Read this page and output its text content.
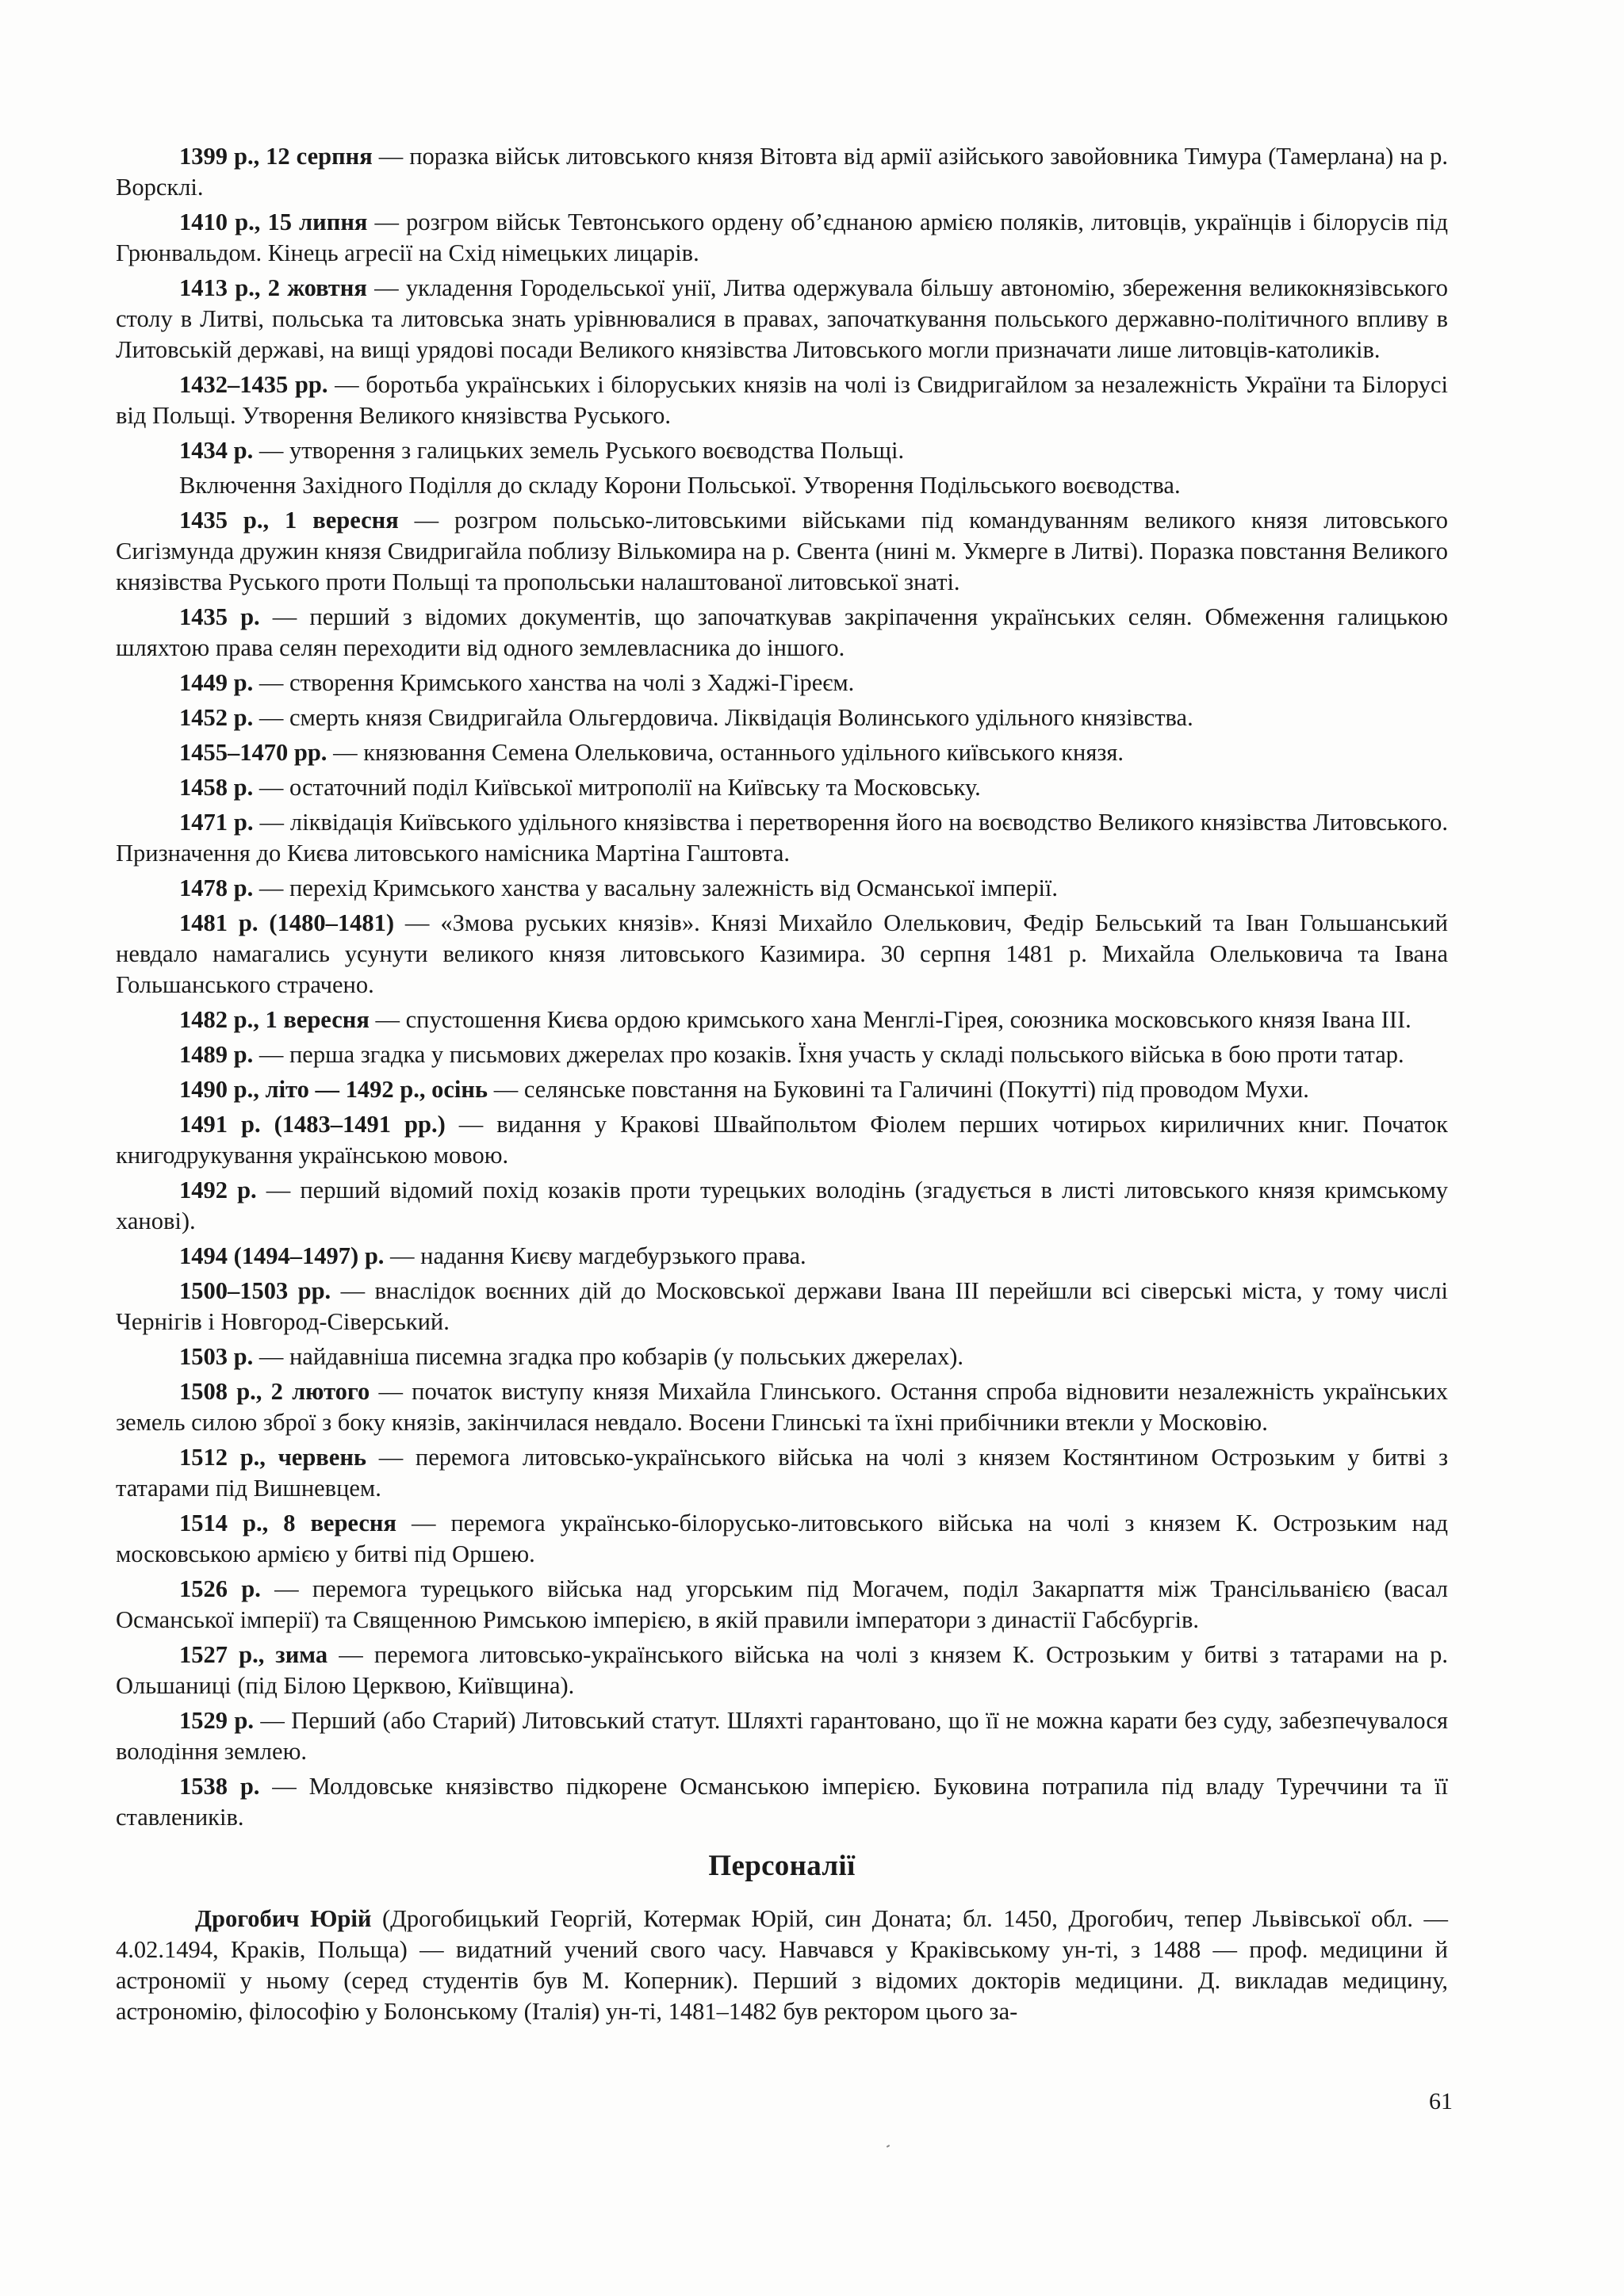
1399 р., 12 серпня — поразка військ литовського князя Вітовта від армії азійського завойовника Тимура (Тамерлана) на р. Ворсклі.

1410 р., 15 липня — розгром військ Тевтонського ордену об’єднаною армією поляків, литовців, українців і білорусів під Грюнвальдом. Кінець агресії на Схід німецьких лицарів.

1413 р., 2 жовтня — укладення Городельської унії, Литва одержувала більшу автономію, збереження великокнязівського столу в Литві, польська та литовська знать урівнювалися в правах, започаткування польського державно-політичного впливу в Литовській державі, на вищі урядові посади Великого князівства Литовського могли призначати лише литовців-католиків.

1432–1435 рр. — боротьба українських і білоруських князів на чолі із Свидригайлом за незалежність України та Білорусі від Польщі. Утворення Великого князівства Руського.

1434 р. — утворення з галицьких земель Руського воєводства Польщі.

Включення Західного Поділля до складу Корони Польської. Утворення Подільського воєводства.

1435 р., 1 вересня — розгром польсько-литовськими військами під командуванням великого князя литовського Сигізмунда дружин князя Свидригайла поблизу Вількомира на р. Свента (нині м. Укмерге в Литві). Поразка повстання Великого князівства Руського проти Польщі та пропольськи налаштованої литовської знаті.

1435 р. — перший з відомих документів, що започаткував закріпачення українських селян. Обмеження галицькою шляхтою права селян переходити від одного землевласника до іншого.

1449 р. — створення Кримського ханства на чолі з Хаджі-Гіреєм.

1452 р. — смерть князя Свидригайла Ольгердовича. Ліквідація Волинського удільного князівства.

1455–1470 рр. — князювання Семена Олельковича, останнього удільного київського князя.

1458 р. — остаточний поділ Київської митрополії на Київську та Московську.

1471 р. — ліквідація Київського удільного князівства і перетворення його на воєводство Великого князівства Литовського. Призначення до Києва литовського намісника Мартіна Гаштовта.

1478 р. — перехід Кримського ханства у васальну залежність від Османської імперії.

1481 р. (1480–1481) — «Змова руських князів». Князі Михайло Олелькович, Федір Бельський та Іван Гольшанський невдало намагались усунути великого князя литовського Казимира. 30 серпня 1481 р. Михайла Олельковича та Івана Гольшанського страчено.

1482 р., 1 вересня — спустошення Києва ордою кримського хана Менглі-Гірея, союзника московського князя Івана III.

1489 р. — перша згадка у письмових джерелах про козаків. Їхня участь у складі польського війська в бою проти татар.

1490 р., літо — 1492 р., осінь — селянське повстання на Буковині та Галичині (Покутті) під проводом Мухи.

1491 р. (1483–1491 рр.) — видання у Кракові Швайпольтом Фіолем перших чотирьох кириличних книг. Початок книгодрукування українською мовою.

1492 р. — перший відомий похід козаків проти турецьких володінь (згадується в листі литовського князя кримському ханові).

1494 (1494–1497) р. — надання Києву магдебурзького права.

1500–1503 рр. — внаслідок воєнних дій до Московської держави Івана III перейшли всі сіверські міста, у тому числі Чернігів і Новгород-Сіверський.

1503 р. — найдавніша писемна згадка про кобзарів (у польських джерелах).

1508 р., 2 лютого — початок виступу князя Михайла Глинського. Остання спроба відновити незалежність українських земель силою зброї з боку князів, закінчилася невдало. Восени Глинські та їхні прибічники втекли у Московію.

1512 р., червень — перемога литовсько-українського війська на чолі з князем Костянтином Острозьким у битві з татарами під Вишневцем.

1514 р., 8 вересня — перемога українсько-білорусько-литовського війська на чолі з князем К. Острозьким над московською армією у битві під Оршею.

1526 р. — перемога турецького війська над угорським під Могачем, поділ Закарпаття між Трансільванією (васал Османської імперії) та Священною Римською імперією, в якій правили імператори з династії Габсбургів.

1527 р., зима — перемога литовсько-українського війська на чолі з князем К. Острозьким у битві з татарами на р. Ольшаниці (під Білою Церквою, Київщина).

1529 р. — Перший (або Старий) Литовський статут. Шляхті гарантовано, що її не можна карати без суду, забезпечувалося володіння землею.

1538 р. — Молдовське князівство підкорене Османською імперією. Буковина потрапила під владу Туреччини та її ставлеників.

Персоналії

Дрогобич Юрій (Дрогобицький Георгій, Котермак Юрій, син Доната; бл. 1450, Дрогобич, тепер Львівської обл. — 4.02.1494, Краків, Польща) — видатний учений свого часу. Навчався у Краківському ун-ті, з 1488 — проф. медицини й астрономії у ньому (серед студентів був М. Коперник). Перший з відомих докторів медицини. Д. викладав медицину, астрономію, філософію у Болонському (Італія) ун-ті, 1481–1482 був ректором цього за-

61
